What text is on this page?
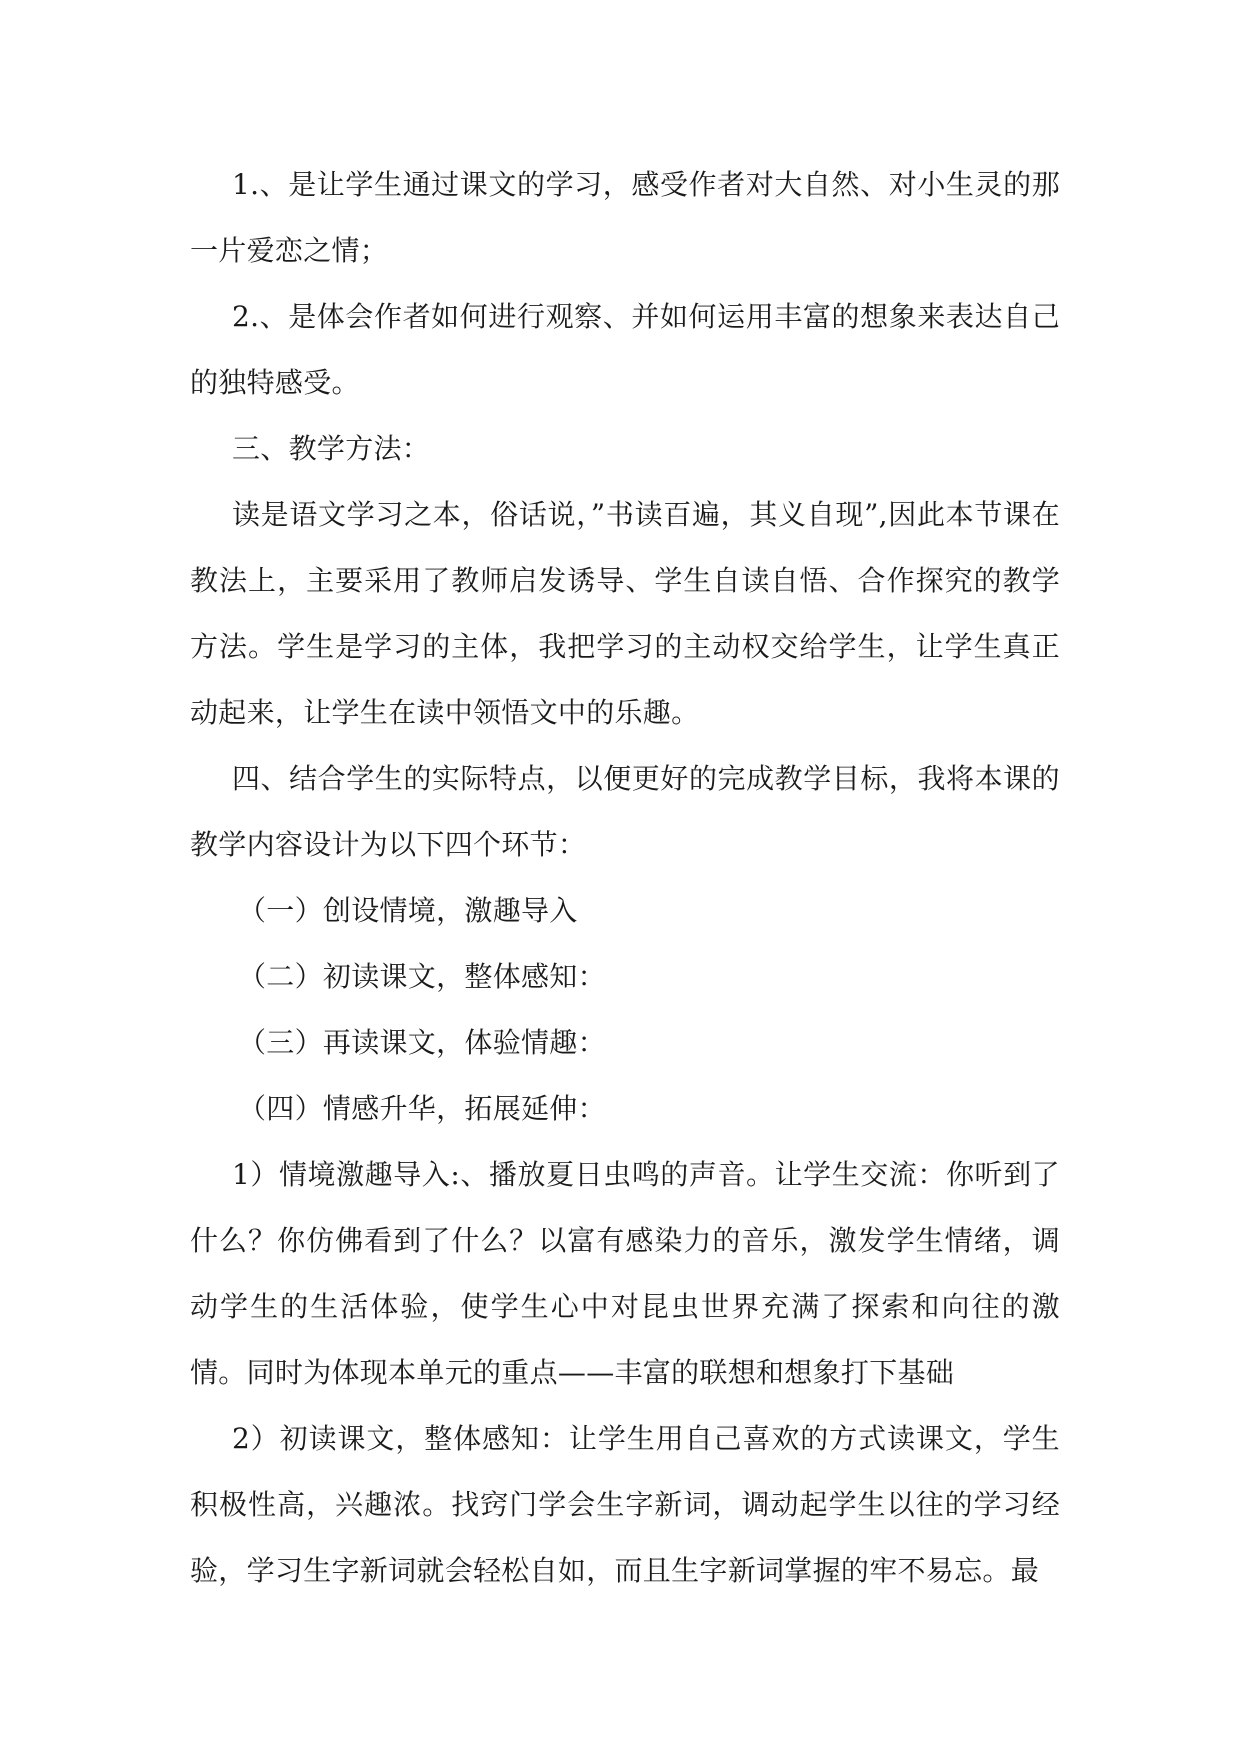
1.、是让学生通过课文的学习，感受作者对大自然、对小生灵的那一片爱恋之情；

2.、是体会作者如何进行观察、并如何运用丰富的想象来表达自己的独特感受。

三、教学方法：

读是语文学习之本，俗话说，”书读百遍，其义自现”,因此本节课在教法上，主要采用了教师启发诱导、学生自读自悟、合作探究的教学方法。学生是学习的主体，我把学习的主动权交给学生，让学生真正动起来，让学生在读中领悟文中的乐趣。

四、结合学生的实际特点，以便更好的完成教学目标，我将本课的教学内容设计为以下四个环节：

（一）创设情境，激趣导入

（二）初读课文，整体感知：

（三）再读课文，体验情趣：

（四）情感升华，拓展延伸：

1）情境激趣导入:、播放夏日虫鸣的声音。让学生交流：你听到了什么？你仿佛看到了什么？以富有感染力的音乐，激发学生情绪，调动学生的生活体验，使学生心中对昆虫世界充满了探索和向往的激情。同时为体现本单元的重点——丰富的联想和想象打下基础

2）初读课文，整体感知：让学生用自己喜欢的方式读课文，学生积极性高，兴趣浓。找窍门学会生字新词，调动起学生以往的学习经验，学习生字新词就会轻松自如，而且生字新词掌握的牢不易忘。最
